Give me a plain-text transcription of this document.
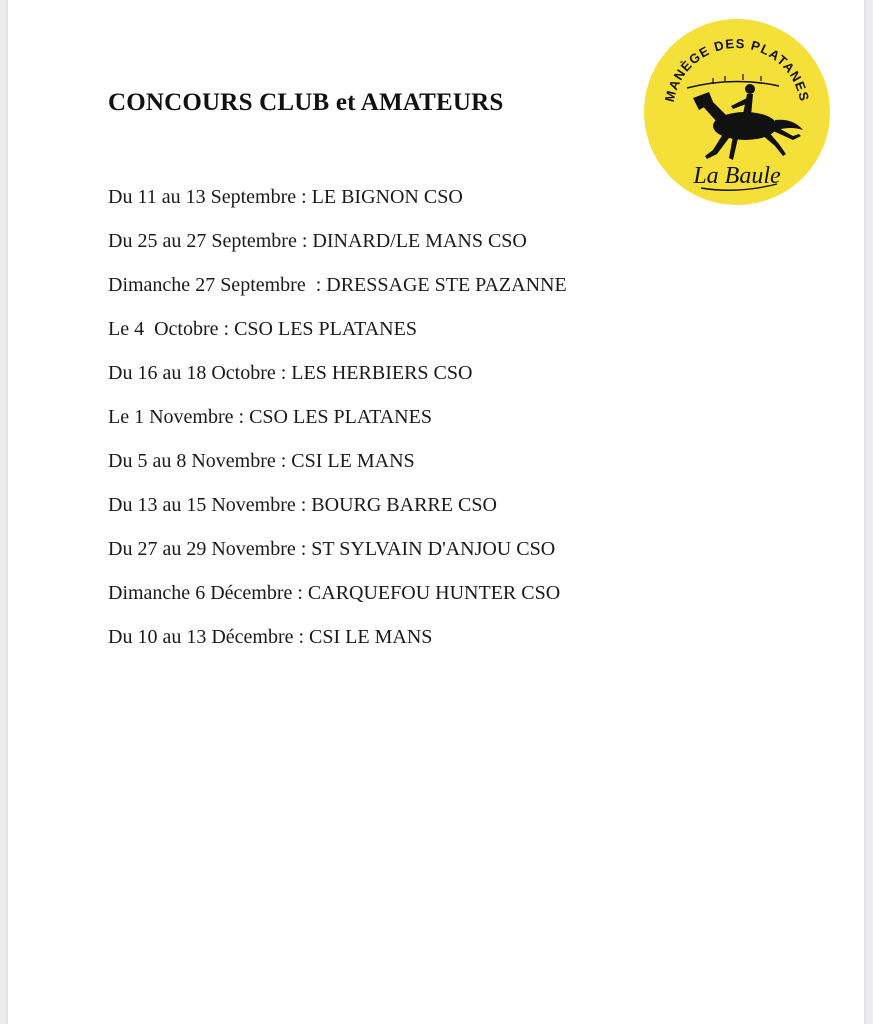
CONCOURS CLUB et AMATEURS	MANÈGE DES PLATANES
La Baule
Du 11 au 13 Septembre : LE BIGNON CSO
Du 25 au 27 Septembre : DINARD/LE MANS CSO
Dimanche 27 Septembre  : DRESSAGE STE PAZANNE
Le 4  Octobre : CSO LES PLATANES
Du 16 au 18 Octobre : LES HERBIERS CSO
Le 1 Novembre : CSO LES PLATANES
Du 5 au 8 Novembre : CSI LE MANS
Du 13 au 15 Novembre : BOURG BARRE CSO
Du 27 au 29 Novembre : ST SYLVAIN D'ANJOU CSO
Dimanche 6 Décembre : CARQUEFOU HUNTER CSO
Du 10 au 13 Décembre : CSI LE MANS
